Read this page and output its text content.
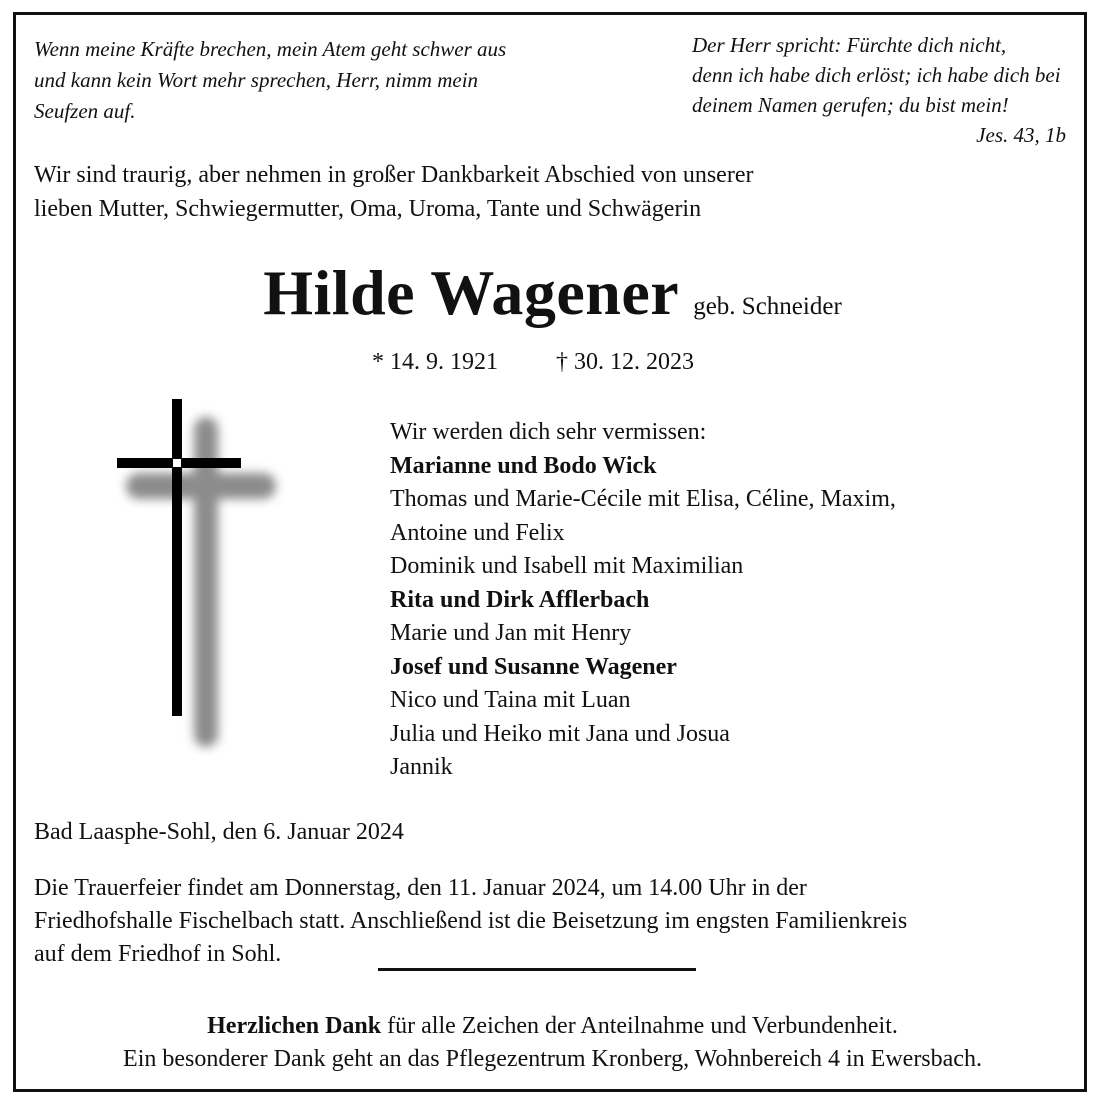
Wenn meine Kräfte brechen, mein Atem geht schwer aus
und kann kein Wort mehr sprechen, Herr, nimm mein
Seufzen auf.
Der Herr spricht: Fürchte dich nicht,
denn ich habe dich erlöst; ich habe dich bei
deinem Namen gerufen; du bist mein!
Jes. 43, 1b
Wir sind traurig, aber nehmen in großer Dankbarkeit Abschied von unserer
lieben Mutter, Schwiegermutter, Oma, Uroma, Tante und Schwägerin
Hilde Wagener geb. Schneider
* 14. 9. 1921 † 30. 12. 2023
Wir werden dich sehr vermissen:
Marianne und Bodo Wick
Thomas und Marie-Cécile mit Elisa, Céline, Maxim,
Antoine und Felix
Dominik und Isabell mit Maximilian
Rita und Dirk Afflerbach
Marie und Jan mit Henry
Josef und Susanne Wagener
Nico und Taina mit Luan
Julia und Heiko mit Jana und Josua
Jannik
Bad Laasphe-Sohl, den 6. Januar 2024
Die Trauerfeier findet am Donnerstag, den 11. Januar 2024, um 14.00 Uhr in der
Friedhofshalle Fischelbach statt. Anschließend ist die Beisetzung im engsten Familienkreis
auf dem Friedhof in Sohl.
Herzlichen Dank für alle Zeichen der Anteilnahme und Verbundenheit.
Ein besonderer Dank geht an das Pflegezentrum Kronberg, Wohnbereich 4 in Ewersbach.
